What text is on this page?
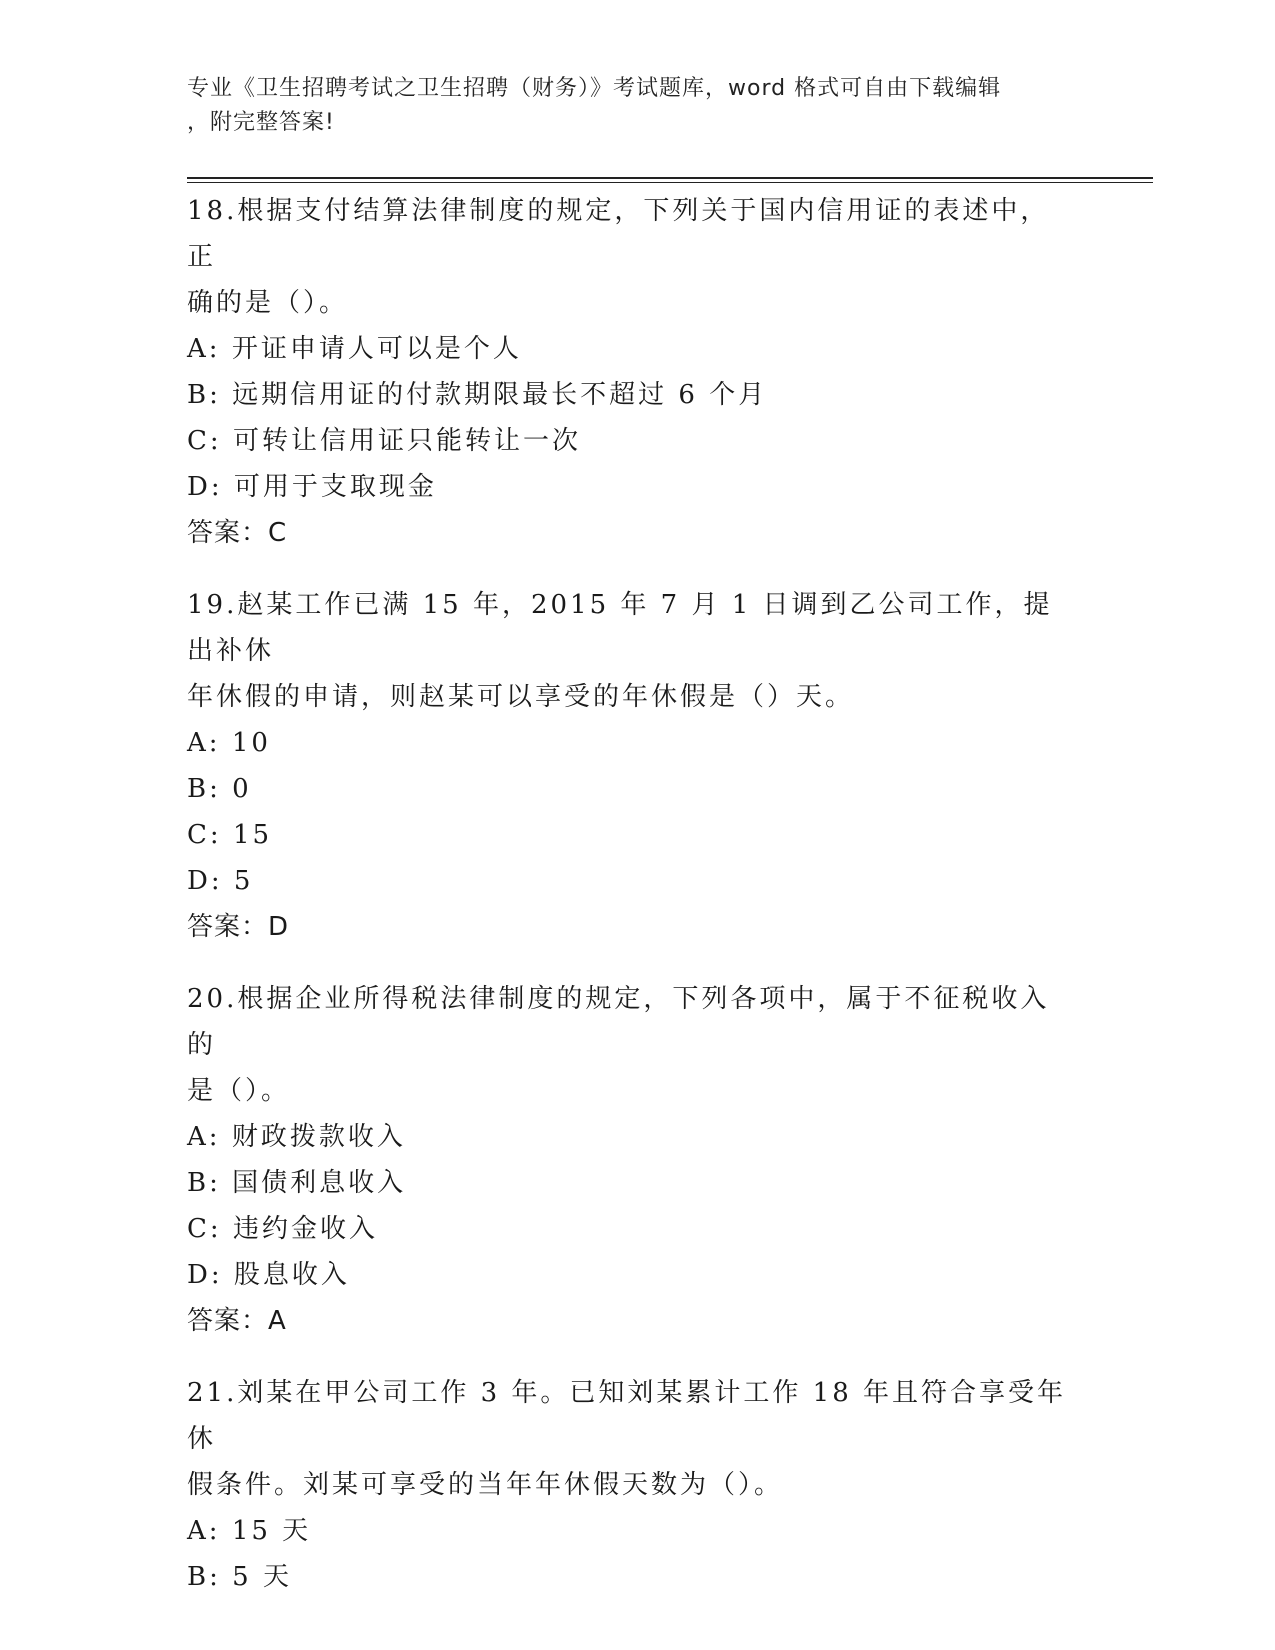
专业《卫生招聘考试之卫生招聘（财务）》考试题库，word 格式可自由下载编辑
，附完整答案!

18.根据支付结算法律制度的规定，下列关于国内信用证的表述中，正
确的是（）。

A: 开证申请人可以是个人

B: 远期信用证的付款期限最长不超过 6 个月

C: 可转让信用证只能转让一次

D: 可用于支取现金

答案：C

19.赵某工作已满 15 年，2015 年 7 月 1 日调到乙公司工作，提出补休
年休假的申请，则赵某可以享受的年休假是（）天。

A: 10

B: 0

C: 15

D: 5

答案：D

20.根据企业所得税法律制度的规定，下列各项中，属于不征税收入的
是（）。

A: 财政拨款收入

B: 国债利息收入

C: 违约金收入

D: 股息收入

答案：A

21.刘某在甲公司工作 3 年。已知刘某累计工作 18 年且符合享受年休
假条件。刘某可享受的当年年休假天数为（）。

A: 15 天

B: 5 天
